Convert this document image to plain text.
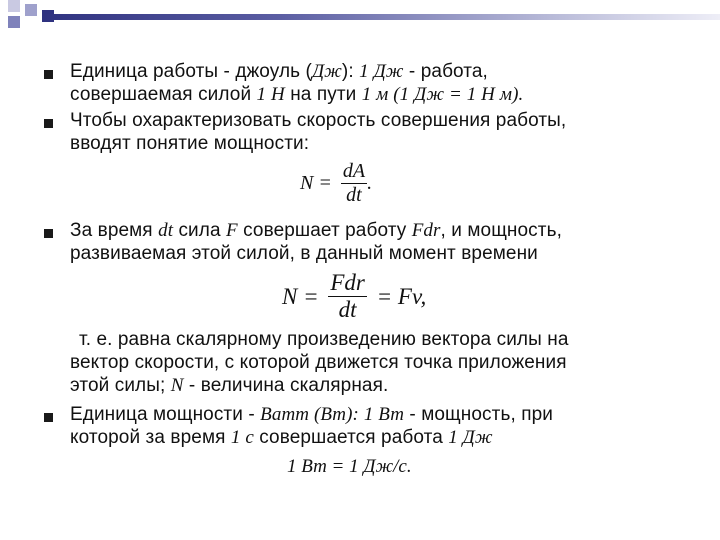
Единица работы - джоуль (Дж): 1 Дж - работа,
совершаемая силой 1 Н на пути 1 м (1 Дж = 1 Н м).
Чтобы охарактеризовать скорость совершения работы,
вводят понятие мощности:
$N = \frac{dA}{dt}$ .
За время dt сила F совершает работу Fdr, и мощность,
развиваемая этой силой, в данный момент времени
$N = \frac{\text{Fdr}}{dt} = Fv$,
т. е. равна скалярному произведению вектора силы на
вектор скорости, с которой движется точка приложения
этой силы; N - величина скалярная.
Единица мощности - Ватт (Вт): 1 Вт - мощность, при
которой за время 1 с совершается работа 1 Дж
1 Вт = 1 Дж/с.
